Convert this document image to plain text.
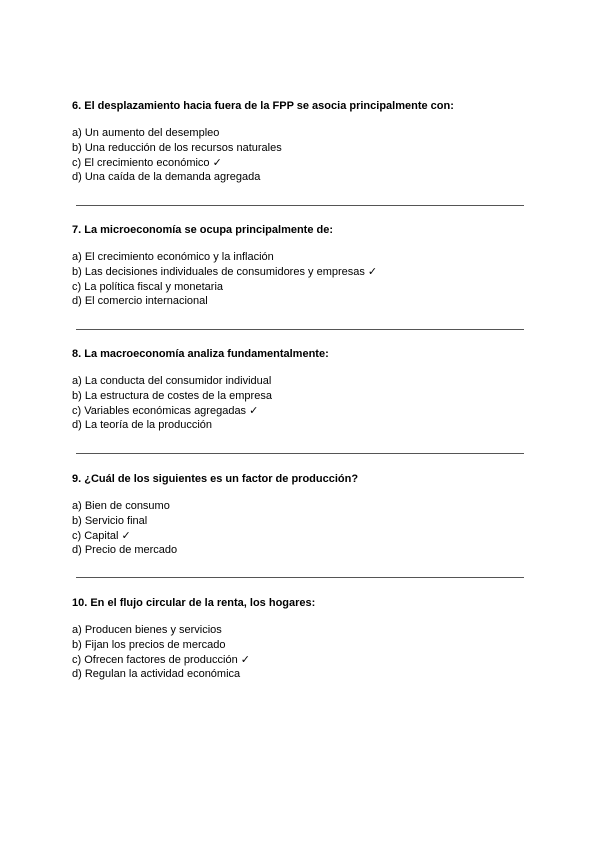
6. El desplazamiento hacia fuera de la FPP se asocia principalmente con:

a) Un aumento del desempleo
b) Una reducción de los recursos naturales
c) El crecimiento económico ✓
d) Una caída de la demanda agregada

7. La microeconomía se ocupa principalmente de:

a) El crecimiento económico y la inflación
b) Las decisiones individuales de consumidores y empresas ✓
c) La política fiscal y monetaria
d) El comercio internacional

8. La macroeconomía analiza fundamentalmente:

a) La conducta del consumidor individual
b) La estructura de costes de la empresa
c) Variables económicas agregadas ✓
d) La teoría de la producción

9. ¿Cuál de los siguientes es un factor de producción?

a) Bien de consumo
b) Servicio final
c) Capital ✓
d) Precio de mercado

10. En el flujo circular de la renta, los hogares:

a) Producen bienes y servicios
b) Fijan los precios de mercado
c) Ofrecen factores de producción ✓
d) Regulan la actividad económica
